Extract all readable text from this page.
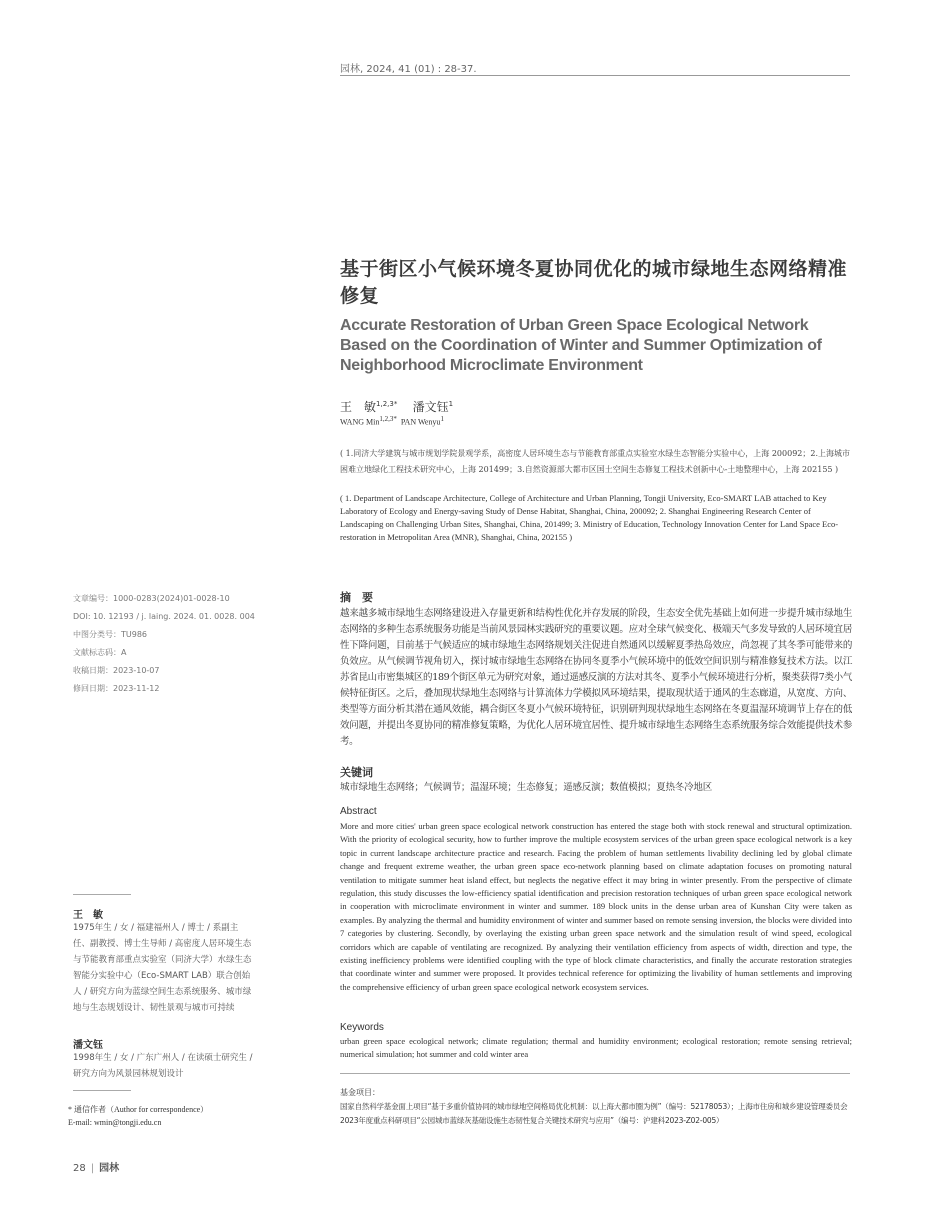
园林, 2024, 41 (01) : 28-37.
基于街区小气候环境冬夏协同优化的城市绿地生态网络精准修复
Accurate Restoration of Urban Green Space Ecological Network Based on the Coordination of Winter and Summer Optimization of Neighborhood Microclimate Environment
王　敏$^{1,2,3*}$ 潘文钰$^1$
WANG Min$^{1,2,3*}$ PAN Wenyu$^1$

( 1.同济大学建筑与城市规划学院景观学系，高密度人居环境生态与节能教育部重点实验室水绿生态智能分实验中心，上海 200092；2.上海城市困难立地绿化工程技术研究中心，上海 201499；3.自然资源部大都市区国土空间生态修复工程技术创新中心-土地整理中心，上海 202155 )

( 1. Department of Landscape Architecture, College of Architecture and Urban Planning, Tongji University, Eco-SMART LAB attached to Key Laboratory of Ecology and Energy-saving Study of Dense Habitat, Shanghai, China, 200092; 2. Shanghai Engineering Research Center of Landscaping on Challenging Urban Sites, Shanghai, China, 201499; 3. Ministry of Education, Technology Innovation Center for Land Space Eco-restoration in Metropolitan Area (MNR), Shanghai, China, 202155 )

文章编号：1000-0283(2024)01-0028-10
DOI: 10. 12193 / j. laing. 2024. 01. 0028. 004
中图分类号：TU986
文献标志码：A
收稿日期：2023-10-07
修回日期：2023-11-12
摘　要

越来越多城市绿地生态网络建设进入存量更新和结构性优化并存发展的阶段，生态安全优先基础上如何进一步提升城市绿地生态网络的多种生态系统服务功能是当前风景园林实践研究的重要议题。应对全球气候变化、极端天气多发导致的人居环境宜居性下降问题，目前基于气候适应的城市绿地生态网络规划关注促进自然通风以缓解夏季热岛效应，尚忽视了其冬季可能带来的负效应。从气候调节视角切入，探讨城市绿地生态网络在协同冬夏季小气候环境中的低效空间识别与精准修复技术方法。以江苏省昆山市密集城区的189个街区单元为研究对象，通过遥感反演的方法对其冬、夏季小气候环境进行分析，聚类获得7类小气候特征街区。之后，叠加现状绿地生态网络与计算流体力学模拟风环境结果，提取现状适于通风的生态廊道，从宽度、方向、类型等方面分析其潜在通风效能，耦合街区冬夏小气候环境特征，识别研判现状绿地生态网络在冬夏温湿环境调节上存在的低效问题，并提出冬夏协同的精准修复策略，为优化人居环境宜居性、提升城市绿地生态网络生态系统服务综合效能提供技术参考。

关键词

城市绿地生态网络；气候调节；温湿环境；生态修复；遥感反演；数值模拟；夏热冬冷地区

Abstract

More and more cities' urban green space ecological network construction has entered the stage both with stock renewal and structural optimization. With the priority of ecological security, how to further improve the multiple ecosystem services of the urban green space ecological network is a key topic in current landscape architecture practice and research. Facing the problem of human settlements livability declining led by global climate change and frequent extreme weather, the urban green space eco-network planning based on climate adaptation focuses on promoting natural ventilation to mitigate summer heat island effect, but neglects the negative effect it may bring in winter presently. From the perspective of climate regulation, this study discusses the low-efficiency spatial identification and precision restoration techniques of urban green space ecological network in cooperation with microclimate environment in winter and summer. 189 block units in the dense urban area of Kunshan City were taken as examples. By analyzing the thermal and humidity environment of winter and summer based on remote sensing inversion, the blocks were divided into 7 categories by clustering. Secondly, by overlaying the existing urban green space network and the simulation result of wind speed, ecological corridors which are capable of ventilating are recognized. By analyzing their ventilation efficiency from aspects of width, direction and type, the existing inefficiency problems were identified coupling with the type of block climate characteristics, and finally the accurate restoration strategies that coordinate winter and summer were proposed. It provides technical reference for optimizing the livability of human settlements and improving the comprehensive efficiency of urban green space ecological network ecosystem services.

Keywords

urban green space ecological network; climate regulation; thermal and humidity environment; ecological restoration; remote sensing retrieval; numerical simulation; hot summer and cold winter area

基金项目：

国家自然科学基金面上项目“基于多重价值协同的城市绿地空间格局优化机制：以上海大都市圈为例”（编号：52178053）；上海市住房和城乡建设管理委员会2023年度重点科研项目“公园城市蓝绿灰基础设施生态韧性复合关键技术研究与应用”（编号：沪建科2023-Z02-005）

王　敏

1975年生 / 女 / 福建福州人 / 博士 / 系副主任、副教授、博士生导师 / 高密度人居环境生态与节能教育部重点实验室（同济大学）水绿生态智能分实验中心（Eco-SMART LAB）联合创始人 / 研究方向为蓝绿空间生态系统服务、城市绿地与生态规划设计、韧性景观与城市可持续

潘文钰

1998年生 / 女 / 广东广州人 / 在读硕士研究生 / 研究方向为风景园林规划设计

* 通信作者（Author for correspondence）
E-mail: wmin@tongji.edu.cn
28 | 园林
